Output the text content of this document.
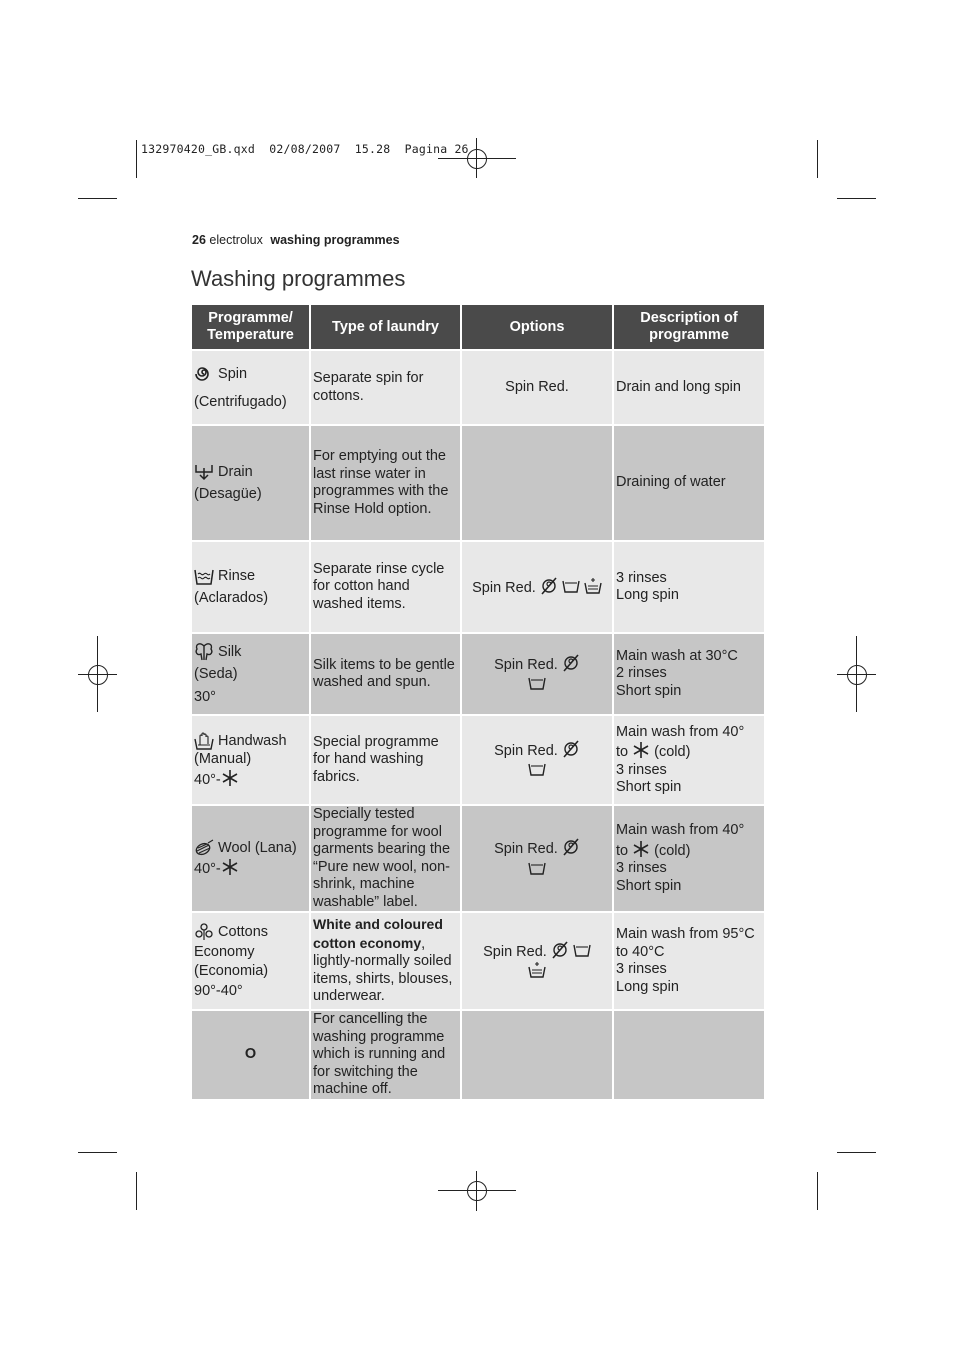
132970420_GB.qxd  02/08/2007  15.28  Pagina 26
26 electrolux washing programmes
Washing programmes
Programme/ Temperature	Type of laundry	Options	Description of programme

Spin
(Centrifugado)	Separate spin for cottons.	Spin Red.	Drain and long spin

Drain
(Desagüe)	For emptying out the last rinse water in programmes with the Rinse Hold option.		Draining of water

Rinse
(Aclarados)	Separate rinse cycle for cotton hand washed items.	Spin Red.	3 rinses
Long spin

Silk
(Seda)
30°	Silk items to be gentle washed and spun.	Spin Red.	Main wash at 30°C
2 rinses
Short spin

Handwash
(Manual)
40°-	Special programme for hand washing fabrics.	Spin Red.	Main wash from 40°
to (cold)
3 rinses
Short spin

Wool (Lana)
40°-	Specially tested programme for wool garments bearing the “Pure new wool, non-shrink, machine washable” label.	Spin Red.	Main wash from 40°
to (cold)
3 rinses
Short spin

Cottons
Economy
(Economia)
90°-40°	White and coloured cotton economy, lightly-normally soiled items, shirts, blouses, underwear.	Spin Red.	Main wash from 95°C
to 40°C
3 rinses
Long spin

O	For cancelling the washing programme which is running and for switching the machine off.		
